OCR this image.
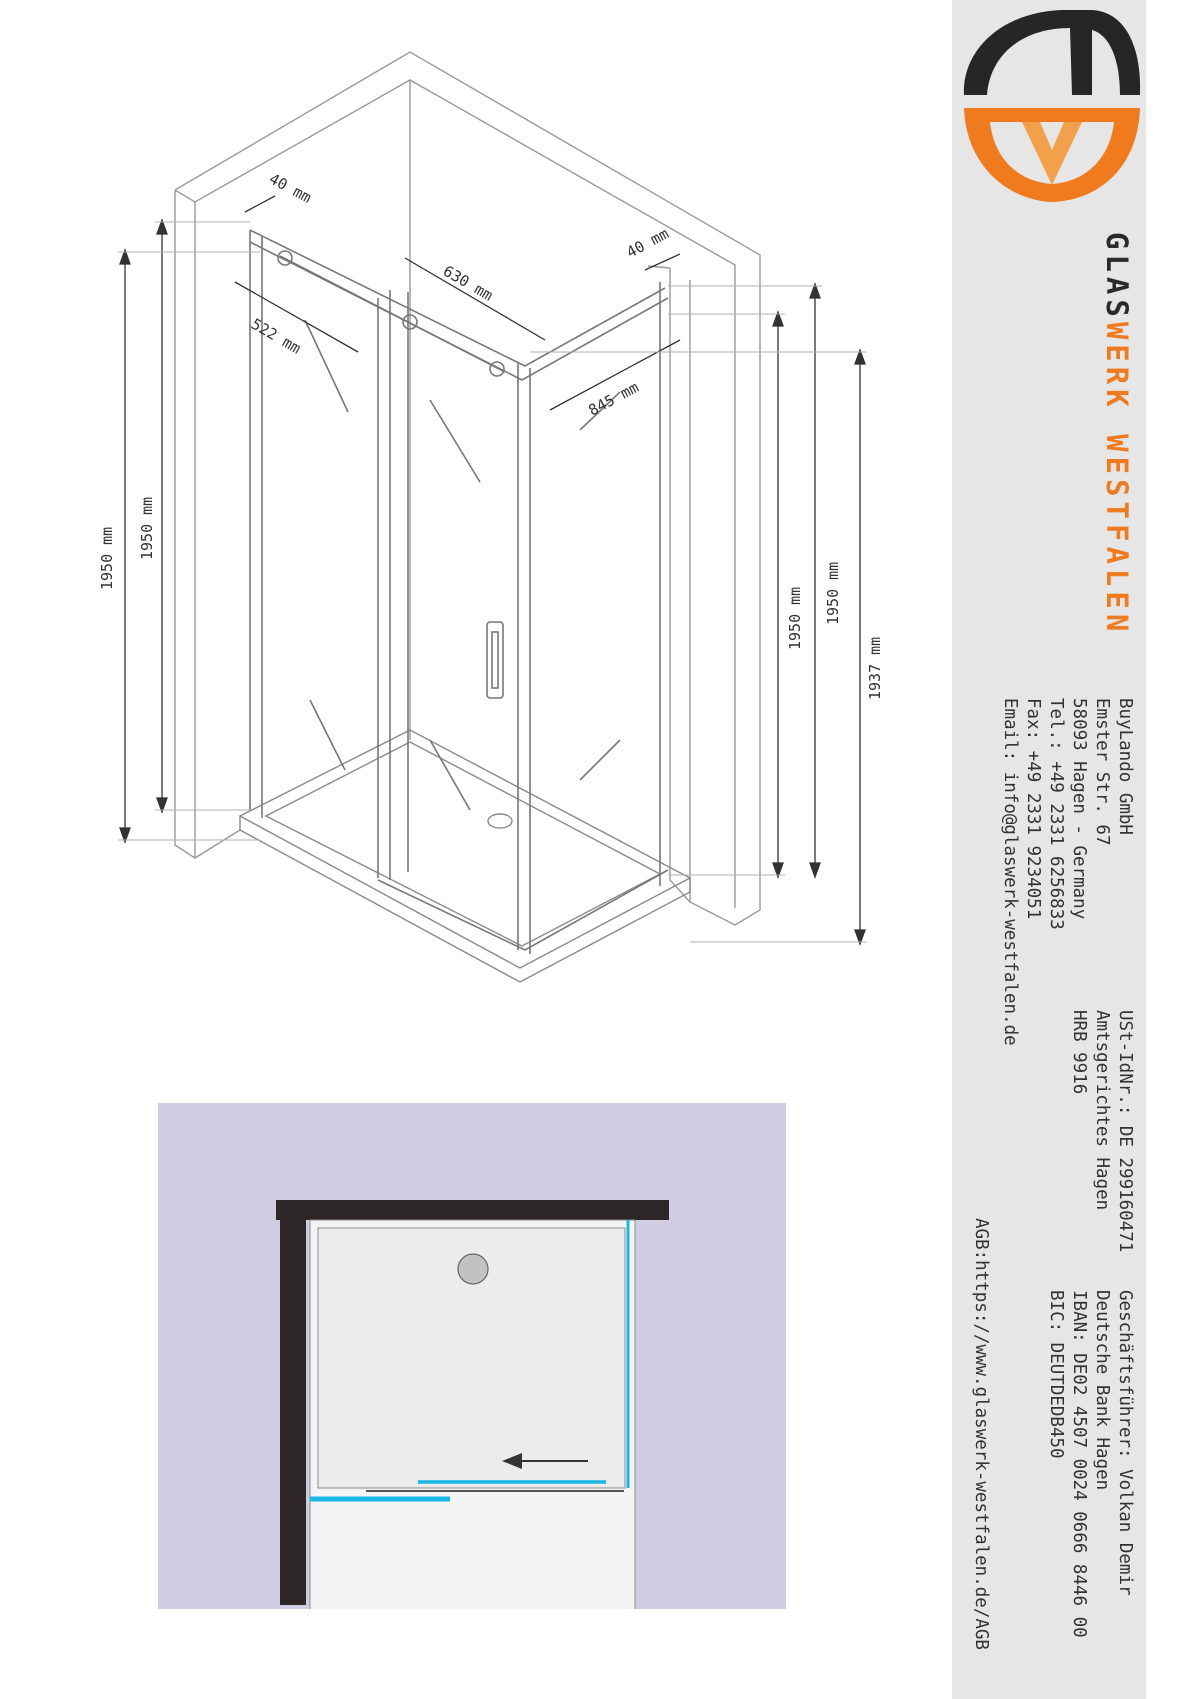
1950 mm 1950 mm
1950 mm 1950 mm
1937 mm
40 mm
40 mm
630 mm
522 mm
845 mm
GLASWERK WESTFALEN
BuyLando GmbH
Emster Str. 67
58093 Hagen - Germany
Tel.: +49 2331 6256833
Fax: +49 2331 9234051
Email: info@glaswerk-westfalen.de
USt-IdNr.: DE 299160471
Amtsgerichtes Hagen
HRB 9916
Geschäftsführer: Volkan Demir
Deutsche Bank Hagen
IBAN: DE02 4507 0024 0666 8446 00
BIC: DEUTDEDB450
AGB:https://www.glaswerk-westfalen.de/AGB
